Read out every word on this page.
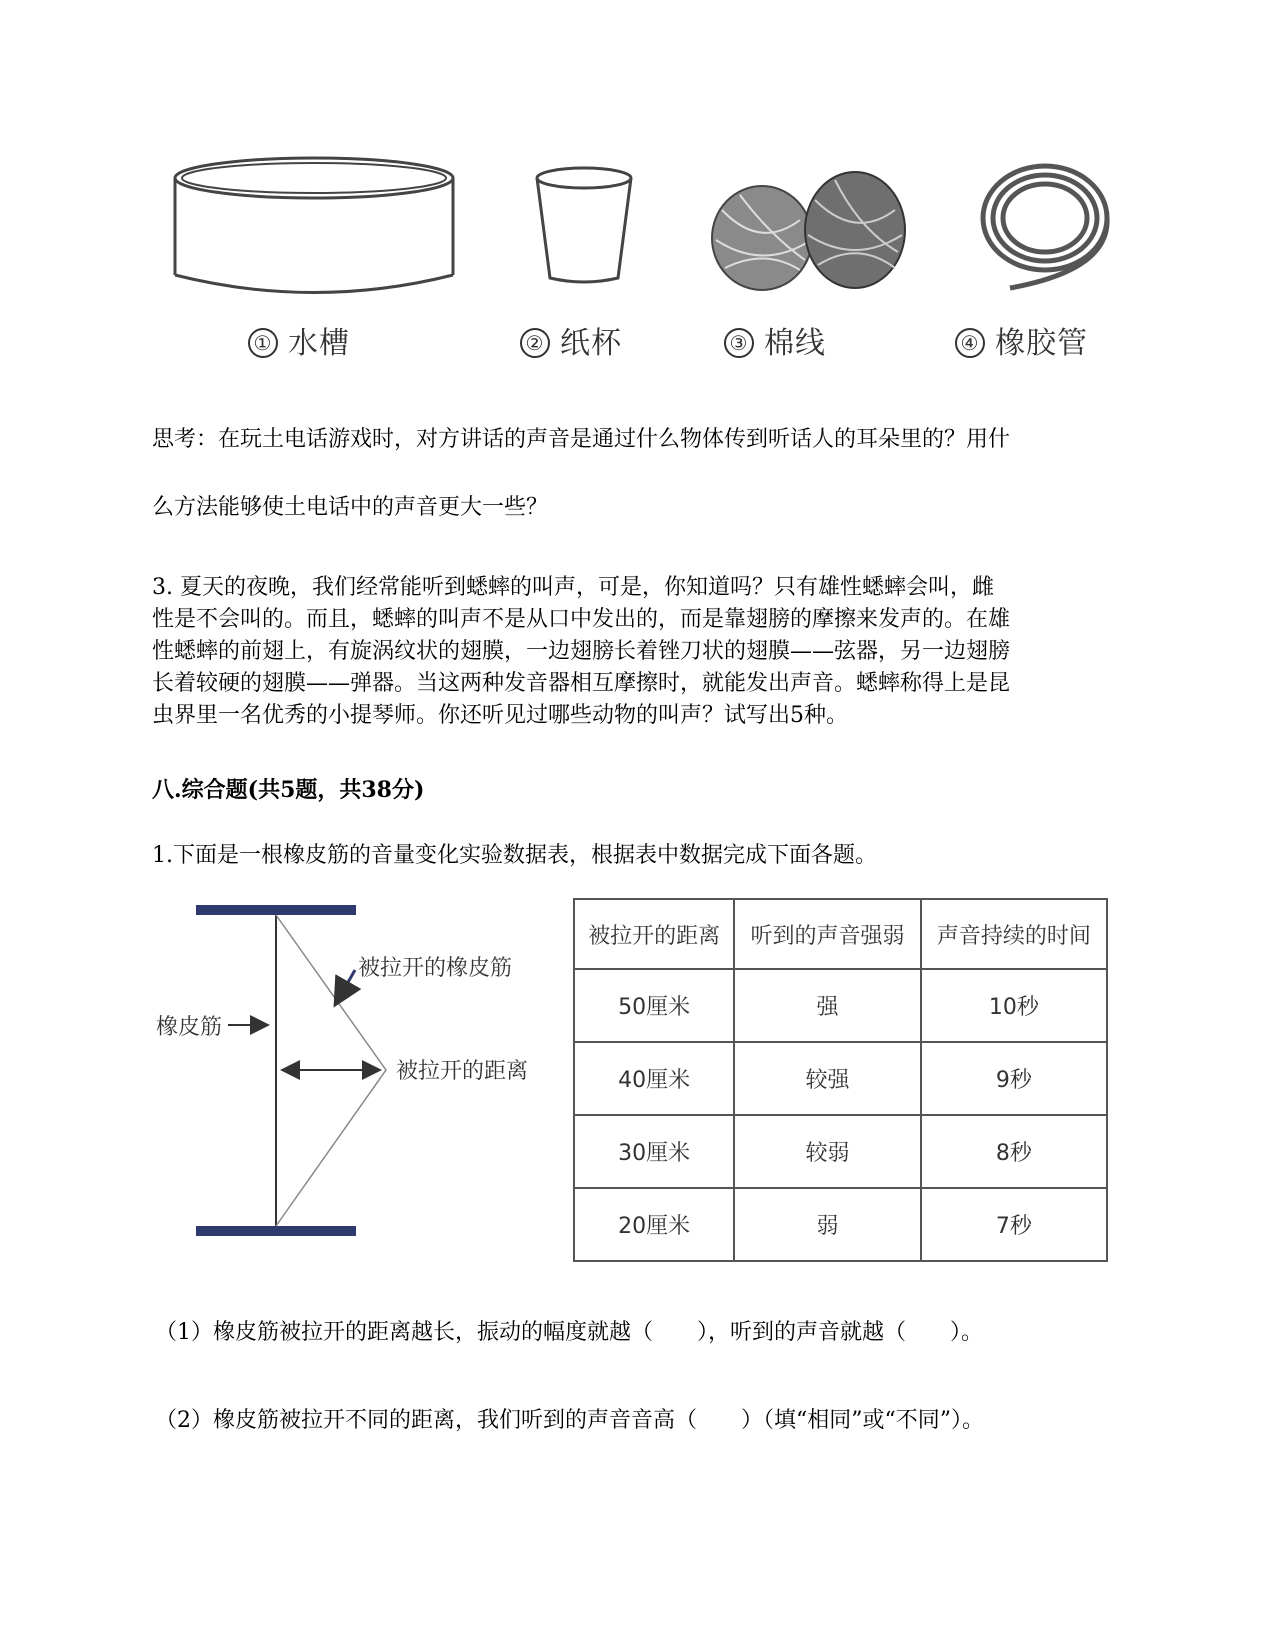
① 水槽	② 纸杯	③ 棉线	④ 橡胶管
思考：在玩土电话游戏时，对方讲话的声音是通过什么物体传到听话人的耳朵里的？用什
么方法能够使土电话中的声音更大一些？
3. 夏天的夜晚，我们经常能听到蟋蟀的叫声，可是，你知道吗？只有雄性蟋蟀会叫，雌
性是不会叫的。而且，蟋蟀的叫声不是从口中发出的，而是靠翅膀的摩擦来发声的。在雄
性蟋蟀的前翅上，有旋涡纹状的翅膜，一边翅膀长着锉刀状的翅膜——弦器，另一边翅膀
长着较硬的翅膜——弹器。当这两种发音器相互摩擦时，就能发出声音。蟋蟀称得上是昆
虫界里一名优秀的小提琴师。你还听见过哪些动物的叫声？试写出5种。
八.综合题(共5题，共38分)
1.下面是一根橡皮筋的音量变化实验数据表，根据表中数据完成下面各题。
橡皮筋
被拉开的橡皮筋
被拉开的距离
被拉开的距离	听到的声音强弱	声音持续的时间
50厘米	强	10秒
40厘米	较强	9秒
30厘米	较弱	8秒
20厘米	弱	7秒
（1）橡皮筋被拉开的距离越长，振动的幅度就越（　　），听到的声音就越（　　）。
（2）橡皮筋被拉开不同的距离，我们听到的声音音高（　　）（填“相同”或“不同”）。
